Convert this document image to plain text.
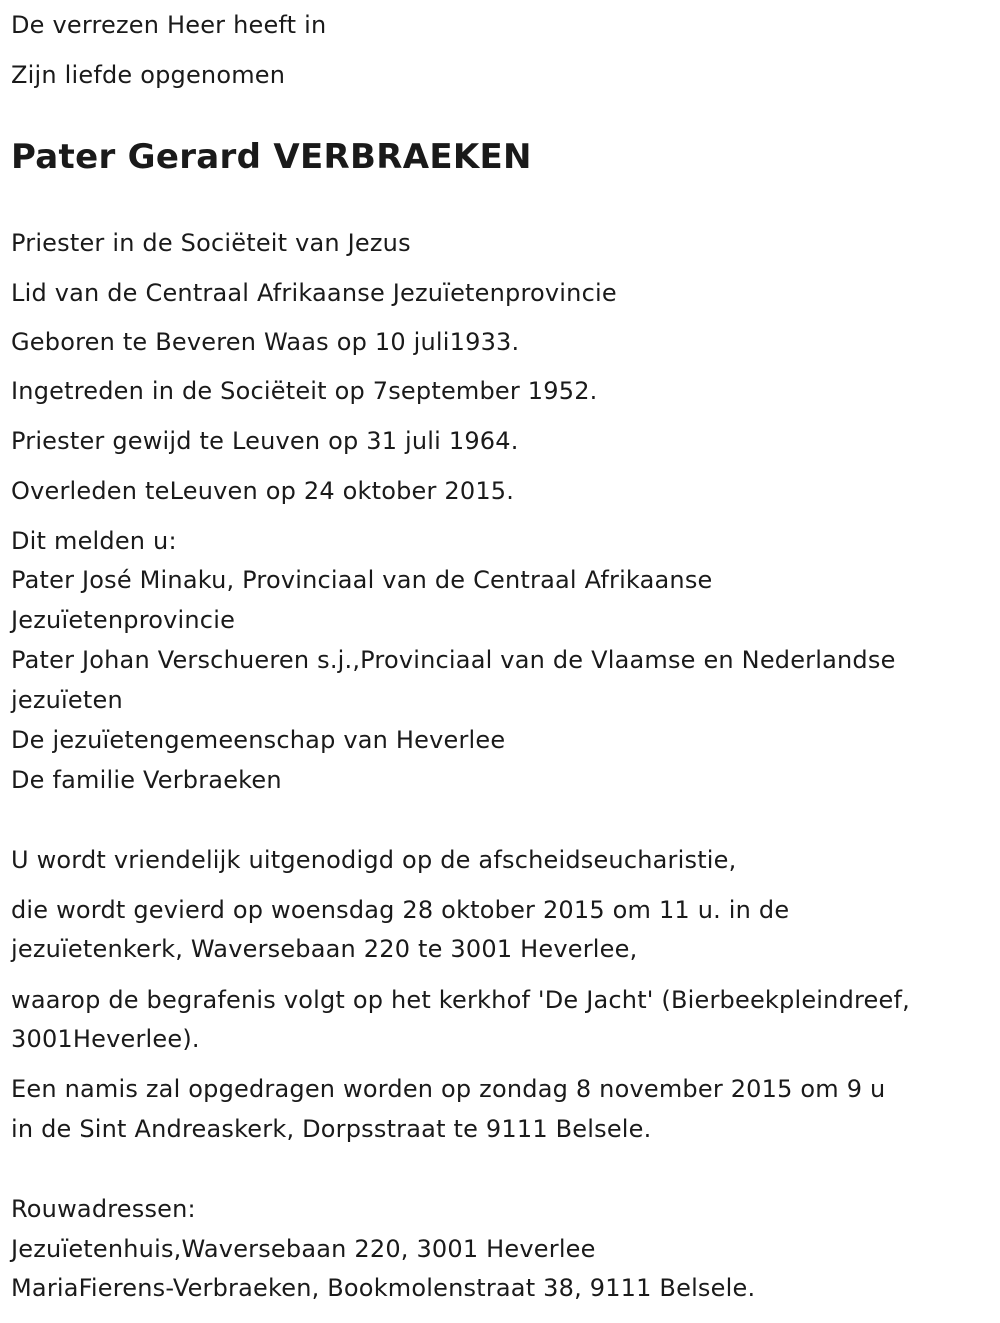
De verrezen Heer heeft in

Zijn liefde opgenomen

Pater Gerard VERBRAEKEN

Priester in de Sociëteit van Jezus

Lid van de Centraal Afrikaanse Jezuïetenprovincie

Geboren te Beveren Waas op 10 juli1933.

Ingetreden in de Sociëteit op 7september 1952.

Priester gewijd te Leuven op 31 juli 1964.

Overleden teLeuven op 24 oktober 2015.

Dit melden u:

Pater José Minaku, Provinciaal van de Centraal Afrikaanse

Jezuïetenprovincie

Pater Johan Verschueren s.j.,Provinciaal van de Vlaamse en Nederlandse

jezuïeten

De jezuïetengemeenschap van Heverlee

De familie Verbraeken

U wordt vriendelijk uitgenodigd op de afscheidseucharistie,

die wordt gevierd op woensdag 28 oktober 2015 om 11 u. in de

jezuïetenkerk, Waversebaan 220 te 3001 Heverlee,

waarop de begrafenis volgt op het kerkhof 'De Jacht' (Bierbeekpleindreef,

3001Heverlee).

Een namis zal opgedragen worden op zondag 8 november 2015 om 9 u

in de Sint Andreaskerk, Dorpsstraat te 9111 Belsele.

Rouwadressen:

Jezuïetenhuis,Waversebaan 220, 3001 Heverlee

MariaFierens-Verbraeken, Bookmolenstraat 38, 9111 Belsele.
